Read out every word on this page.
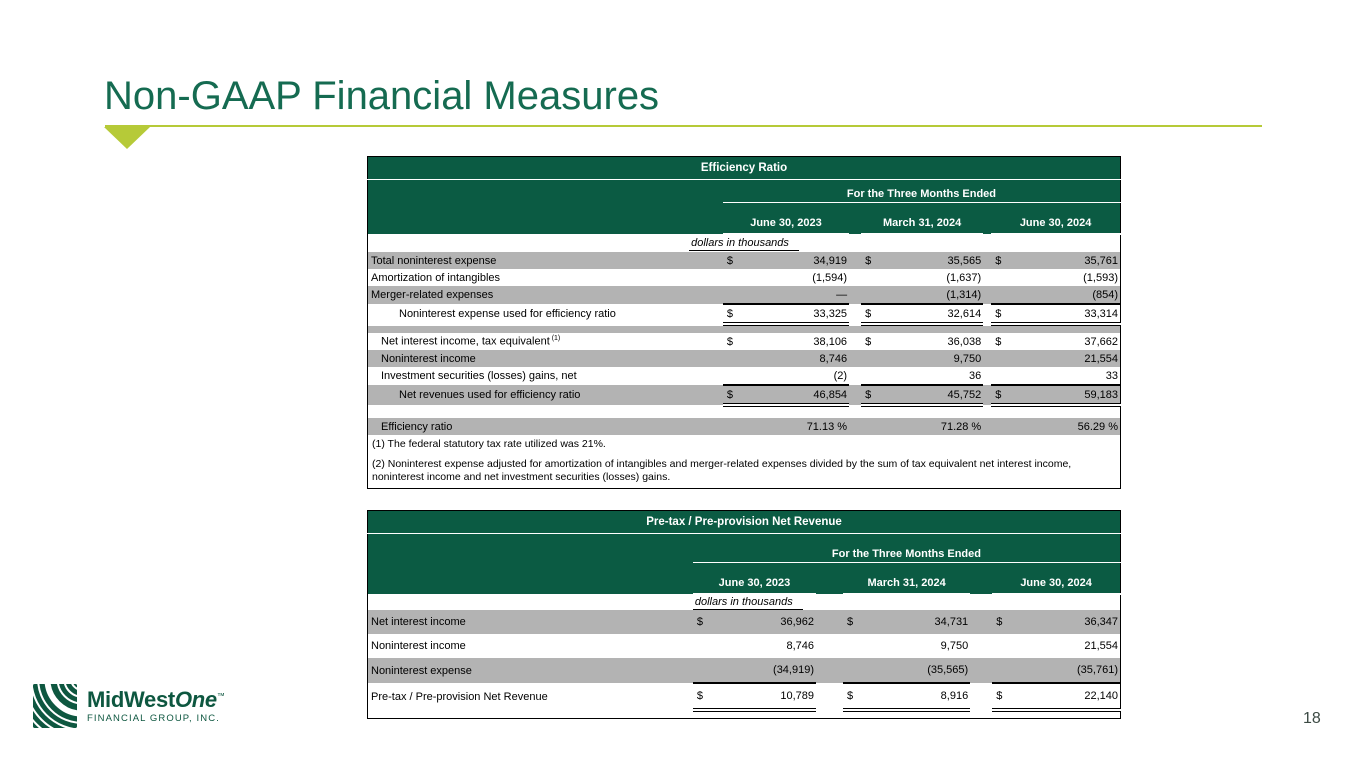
Non-GAAP Financial Measures
Efficiency Ratio								
	For the Three Months Ended							
	June 30, 2023			March 31, 2024			June 30, 2024	
dollars in thousands								
Total noninterest expense	$	34,919		$	35,565		$	35,761
Amortization of intangibles		(1,594)			(1,637)			(1,593)
Merger-related expenses		—			(1,314)			(854)
Noninterest expense used for efficiency ratio	$	33,325		$	32,614		$	33,314

Net interest income, tax equivalent $^{(1)}$	$	38,106		$	36,038		$	37,662
Noninterest income		8,746			9,750			21,554
Investment securities (losses) gains, net		(2)			36			33
Net revenues used for efficiency ratio	$	46,854		$	45,752		$	59,183

Efficiency ratio		71.13 %			71.28 %			56.29 %
(1) The federal statutory tax rate utilized was 21%.								
(2) Noninterest expense adjusted for amortization of intangibles and merger-related expenses divided by the sum of tax equivalent net interest income, noninterest income and net investment securities (losses) gains.								
Pre-tax / Pre-provision Net Revenue								
	For the Three Months Ended							
	June 30, 2023			March 31, 2024			June 30, 2024	
	dollars in thousands							
Net interest income	$	36,962		$	34,731		$	36,347
Noninterest income		8,746			9,750			21,554
Noninterest expense		(34,919)			(35,565)			(35,761)
Pre-tax / Pre-provision Net Revenue	$	10,789		$	8,916		$	22,140

MidWestOne™
FINANCIAL GROUP, INC.	18
